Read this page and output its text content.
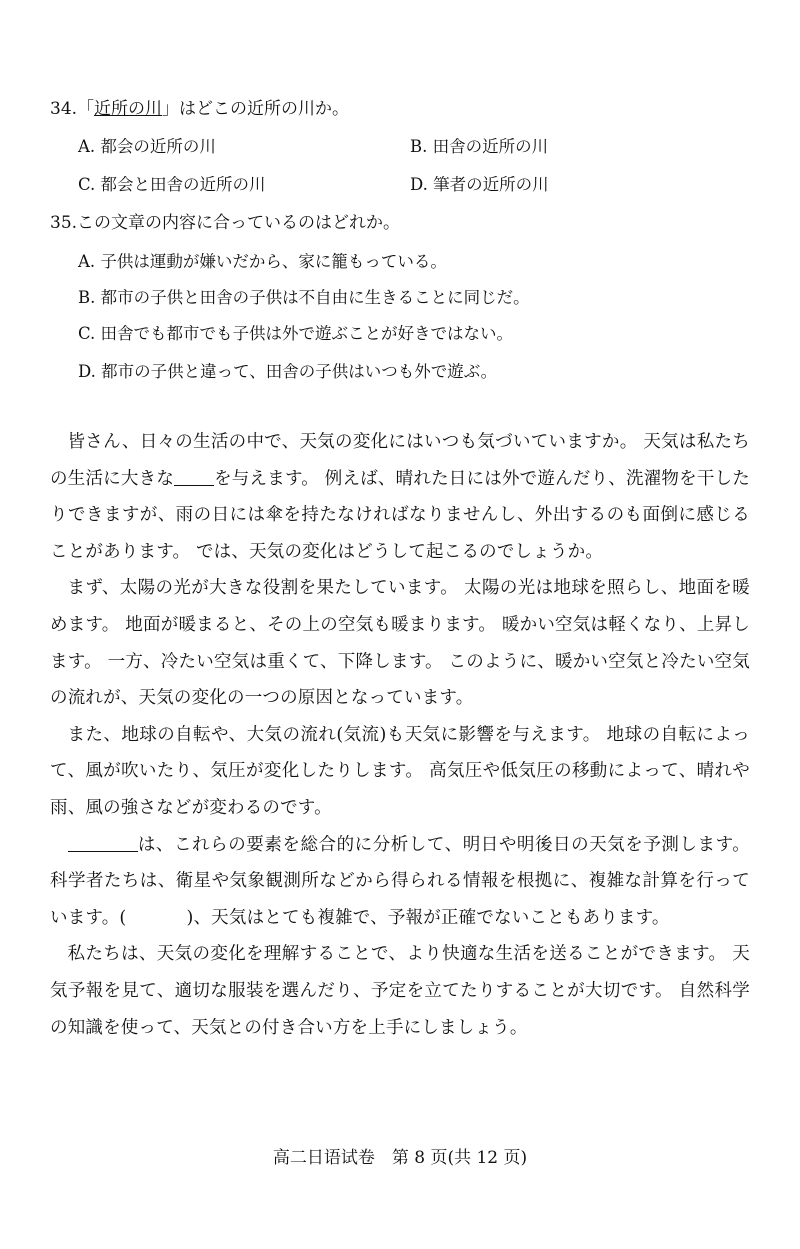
34.「近所の川」はどこの近所の川か。
A. 都会の近所の川	B. 田舎の近所の川
C. 都会と田舎の近所の川	D. 筆者の近所の川
35.この文章の内容に合っているのはどれか。
A. 子供は運動が嫌いだから、家に籠もっている。
B. 都市の子供と田舎の子供は不自由に生きることに同じだ。
C. 田舎でも都市でも子供は外で遊ぶことが好きではない。
D. 都市の子供と違って、田舎の子供はいつも外で遊ぶ。

皆さん、日々の生活の中で、天気の変化にはいつも気づいていますか。 天気は私たちの生活に大きな を与えます。 例えば、晴れた日には外で遊んだり、洗濯物を干したりできますが、雨の日には傘を持たなければなりませんし、外出するのも面倒に感じることがあります。 では、天気の変化はどうして起こるのでしょうか。

まず、太陽の光が大きな役割を果たしています。 太陽の光は地球を照らし、地面を暖めます。 地面が暖まると、その上の空気も暖まります。 暖かい空気は軽くなり、上昇します。 一方、冷たい空気は重くて、下降します。 このように、暖かい空気と冷たい空気の流れが、天気の変化の一つの原因となっています。

また、地球の自転や、大気の流れ(気流)も天気に影響を与えます。 地球の自転によって、風が吹いたり、気圧が変化したりします。 高気圧や低気圧の移動によって、晴れや雨、風の強さなどが変わるのです。

は、これらの要素を総合的に分析して、明日や明後日の天気を予測します。 科学者たちは、衛星や気象観測所などから得られる情報を根拠に、複雑な計算を行っています。(	)、天気はとても複雑で、予報が正確でないこともあります。

私たちは、天気の変化を理解することで、より快適な生活を送ることができます。 天気予報を見て、適切な服装を選んだり、予定を立てたりすることが大切です。 自然科学の知識を使って、天気との付き合い方を上手にしましょう。

高二日语试卷　第 8 页(共 12 页)
